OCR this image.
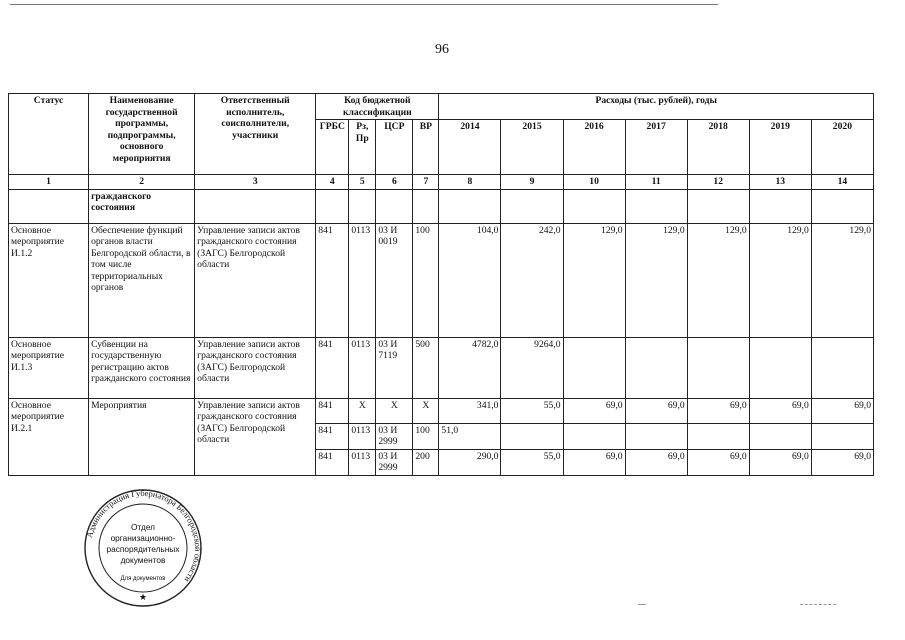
96
Статус	Наименование государственной программы, подпрограммы, основного мероприятия	Ответственный исполнитель, соисполнители, участники	Код бюджетной классификации				Расходы (тыс. рублей), годы						
			ГРБС	Рз, Пр	ЦСР	ВР	2014	2015	2016	2017	2018	2019	2020
1	2	3	4	5	6	7	8	9	10	11	12	13	14
	гражданского состояния												
Основное мероприятие И.1.2	Обеспечение функций органов власти Белгородской области, в том числе территориальных органов	Управление записи актов гражданского состояния (ЗАГС) Белгородской области	841	0113	03 И 0019	100	104,0	242,0	129,0	129,0	129,0	129,0	129,0
Основное мероприятие И.1.3	Субвенции на государственную регистрацию актов гражданского состояния	Управление записи актов гражданского состояния (ЗАГС) Белгородской области	841	0113	03 И 7119	500	4782,0	9264,0					
Основное мероприятие И.2.1	Мероприятия	Управление записи актов гражданского состояния (ЗАГС) Белгородской области	841	Х	Х	Х	341,0	55,0	69,0	69,0	69,0	69,0	69,0
			841	0113	03 И 2999	100	51,0						
			841	0113	03 И 2999	200	290,0	55,0	69,0	69,0	69,0	69,0	69,0
Администрация Губернатора Белгородской области
Отдел
организационно-
распорядительных
документов
Для документов
★
